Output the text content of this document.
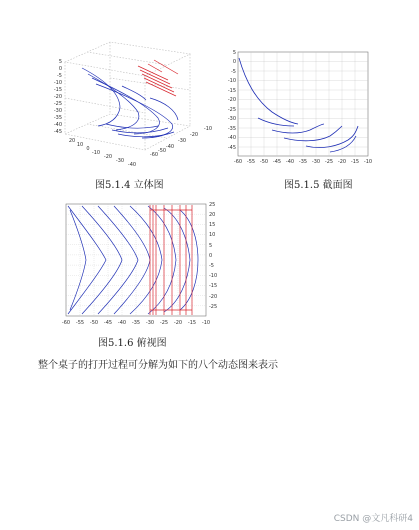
5
0
-5
-10
-15
-20
-25
-30
-35
-40
-45
20
10
0
-10
-20
-30
-40
-60
-50
-40
-30
-20
-10
图5.1.4 立体图
5
0
-5
-10
-15
-20
-25
-30
-35
-40
-45
-60 -55 -50 -45 -40 -35 -30 -25 -20 -15 -10
图5.1.5 截面图
25
20
15
10
5
0
-5
-10
-15
-20
-25
-60 -55 -50 -45 -40 -35 -30 -25 -20 -15 -10
图5.1.6 俯视图
整个桌子的打开过程可分解为如下的八个动态图来表示
CSDN @文凡科研4
